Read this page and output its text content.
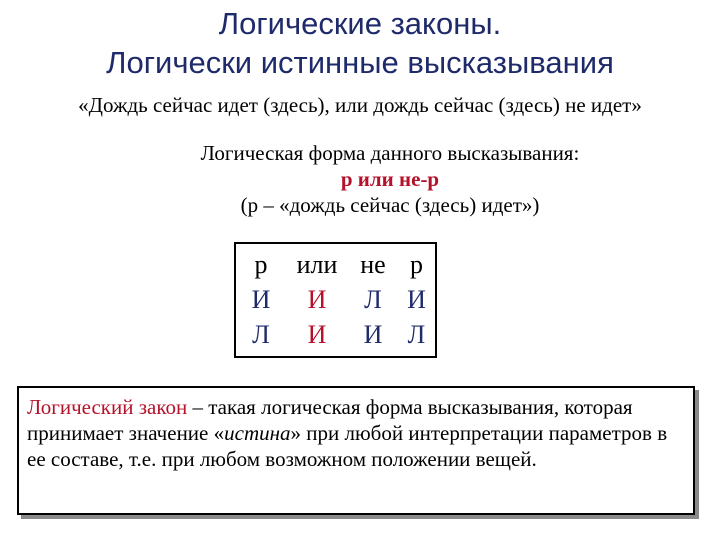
Логические законы.
Логически истинные высказывания
«Дождь сейчас идет (здесь), или дождь сейчас (здесь) не идет»
Логическая форма данного высказывания:
p или не-p
(p – «дождь сейчас (здесь) идет»)
p	или	не	p
И	И	Л	И
Л	И	И	Л
Логический закон – такая логическая форма высказывания, которая принимает значение «истина» при любой интерпретации параметров в ее составе, т.е. при любом возможном положении вещей.
